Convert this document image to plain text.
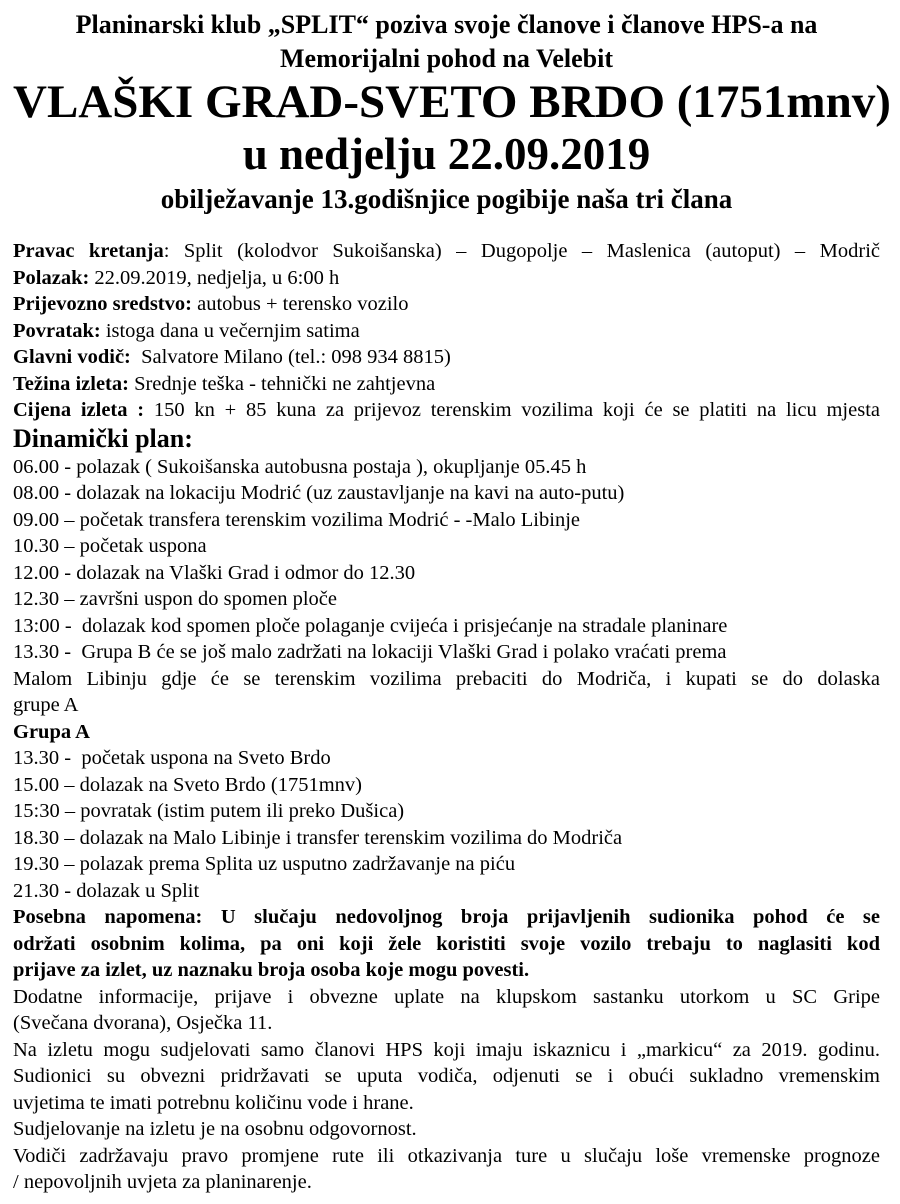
Planinarski klub „SPLIT“ poziva svoje članove i članove HPS-a na
Memorijalni pohod na Velebit
VLAŠKI GRAD-SVETO BRDO (1751mnv)
u nedjelju 22.09.2019
obilježavanje 13.godišnjice pogibije naša tri člana
Pravac kretanja: Split (kolodvor Sukoišanska) – Dugopolje – Maslenica (autoput) – Modrič
Polazak: 22.09.2019, nedjelja, u 6:00 h
Prijevozno sredstvo: autobus + terensko vozilo
Povratak: istoga dana u večernjim satima
Glavni vodič:  Salvatore Milano (tel.: 098 934 8815)
Težina izleta: Srednje teška - tehnički ne zahtjevna
Cijena izleta : 150 kn + 85 kuna za prijevoz terenskim vozilima koji će se platiti na licu mjesta
Dinamički plan:
06.00 - polazak ( Sukoišanska autobusna postaja ), okupljanje 05.45 h
08.00 - dolazak na lokaciju Modrić (uz zaustavljanje na kavi na auto-putu)
09.00 – početak transfera terenskim vozilima Modrić - -Malo Libinje
10.30 – početak uspona
12.00 - dolazak na Vlaški Grad i odmor do 12.30
12.30 – završni uspon do spomen ploče
13:00 -  dolazak kod spomen ploče polaganje cvijeća i prisjećanje na stradale planinare
13.30 -  Grupa B će se još malo zadržati na lokaciji Vlaški Grad i polako vraćati prema
Malom Libinju gdje će se terenskim vozilima prebaciti do Modriča, i kupati se do dolaska
grupe A
Grupa A
13.30 -  početak uspona na Sveto Brdo
15.00 – dolazak na Sveto Brdo (1751mnv)
15:30 – povratak (istim putem ili preko Dušica)
18.30 – dolazak na Malo Libinje i transfer terenskim vozilima do Modriča
19.30 – polazak prema Splita uz usputno zadržavanje na piću
21.30 - dolazak u Split
Posebna napomena: U slučaju nedovoljnog broja prijavljenih sudionika pohod će se
održati osobnim kolima, pa oni koji žele koristiti svoje vozilo trebaju to naglasiti kod
prijave za izlet, uz naznaku broja osoba koje mogu povesti.
Dodatne informacije, prijave i obvezne uplate na klupskom sastanku utorkom u SC Gripe
(Svečana dvorana), Osječka 11.
Na izletu mogu sudjelovati samo članovi HPS koji imaju iskaznicu i „markicu“ za 2019. godinu.
Sudionici su obvezni pridržavati se uputa vodiča, odjenuti se i obući sukladno vremenskim
uvjetima te imati potrebnu količinu vode i hrane.
Sudjelovanje na izletu je na osobnu odgovornost.
Vodiči zadržavaju pravo promjene rute ili otkazivanja ture u slučaju loše vremenske prognoze
/ nepovoljnih uvjeta za planinarenje.
